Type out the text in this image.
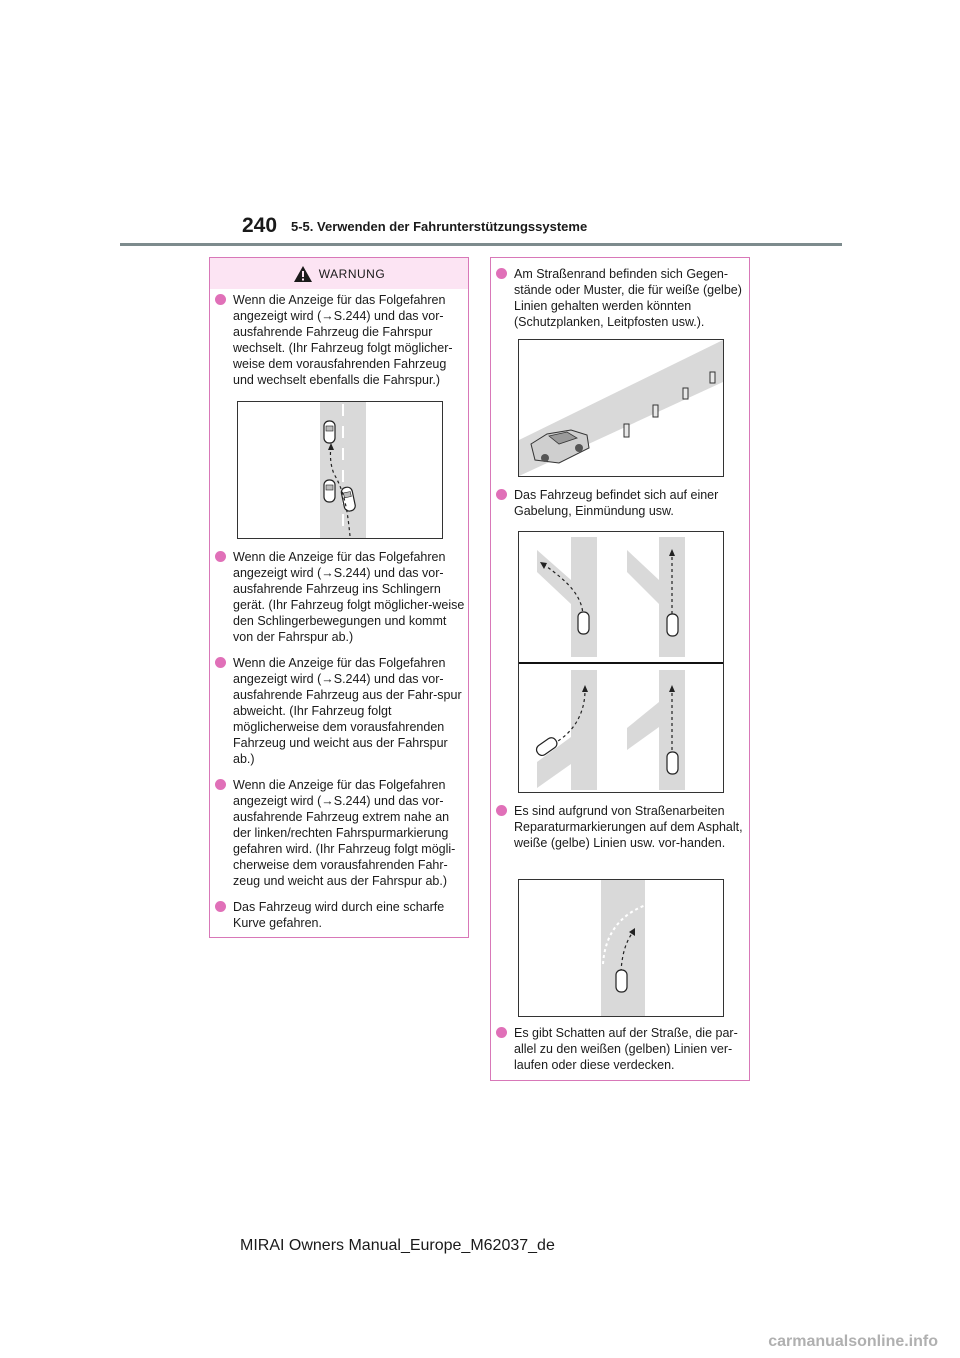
240 5-5. Verwenden der Fahrunterstützungssysteme
WARNUNG
Wenn die Anzeige für das Folgefahren angezeigt wird (→S.244) und das vor-ausfahrende Fahrzeug die Fahrspur wechselt. (Ihr Fahrzeug folgt möglicher-weise dem vorausfahrenden Fahrzeug und wechselt ebenfalls die Fahrspur.)
Wenn die Anzeige für das Folgefahren angezeigt wird (→S.244) und das vor-ausfahrende Fahrzeug ins Schlingern gerät. (Ihr Fahrzeug folgt möglicher-weise den Schlingerbewegungen und kommt von der Fahrspur ab.)
Wenn die Anzeige für das Folgefahren angezeigt wird (→S.244) und das vor-ausfahrende Fahrzeug aus der Fahr-spur abweicht. (Ihr Fahrzeug folgt möglicherweise dem vorausfahrenden Fahrzeug und weicht aus der Fahrspur ab.)
Wenn die Anzeige für das Folgefahren angezeigt wird (→S.244) und das vor-ausfahrende Fahrzeug extrem nahe an der linken/rechten Fahrspurmarkierung gefahren wird. (Ihr Fahrzeug folgt mögli-cherweise dem vorausfahrenden Fahr-zeug und weicht aus der Fahrspur ab.)
Das Fahrzeug wird durch eine scharfe Kurve gefahren.
Am Straßenrand befinden sich Gegen-stände oder Muster, die für weiße (gelbe) Linien gehalten werden könnten (Schutzplanken, Leitpfosten usw.).
Das Fahrzeug befindet sich auf einer Gabelung, Einmündung usw.
Es sind aufgrund von Straßenarbeiten Reparaturmarkierungen auf dem Asphalt, weiße (gelbe) Linien usw. vor-handen.
Es gibt Schatten auf der Straße, die par-allel zu den weißen (gelben) Linien ver-laufen oder diese verdecken.
MIRAI Owners Manual_Europe_M62037_de
carmanualsonline.info
